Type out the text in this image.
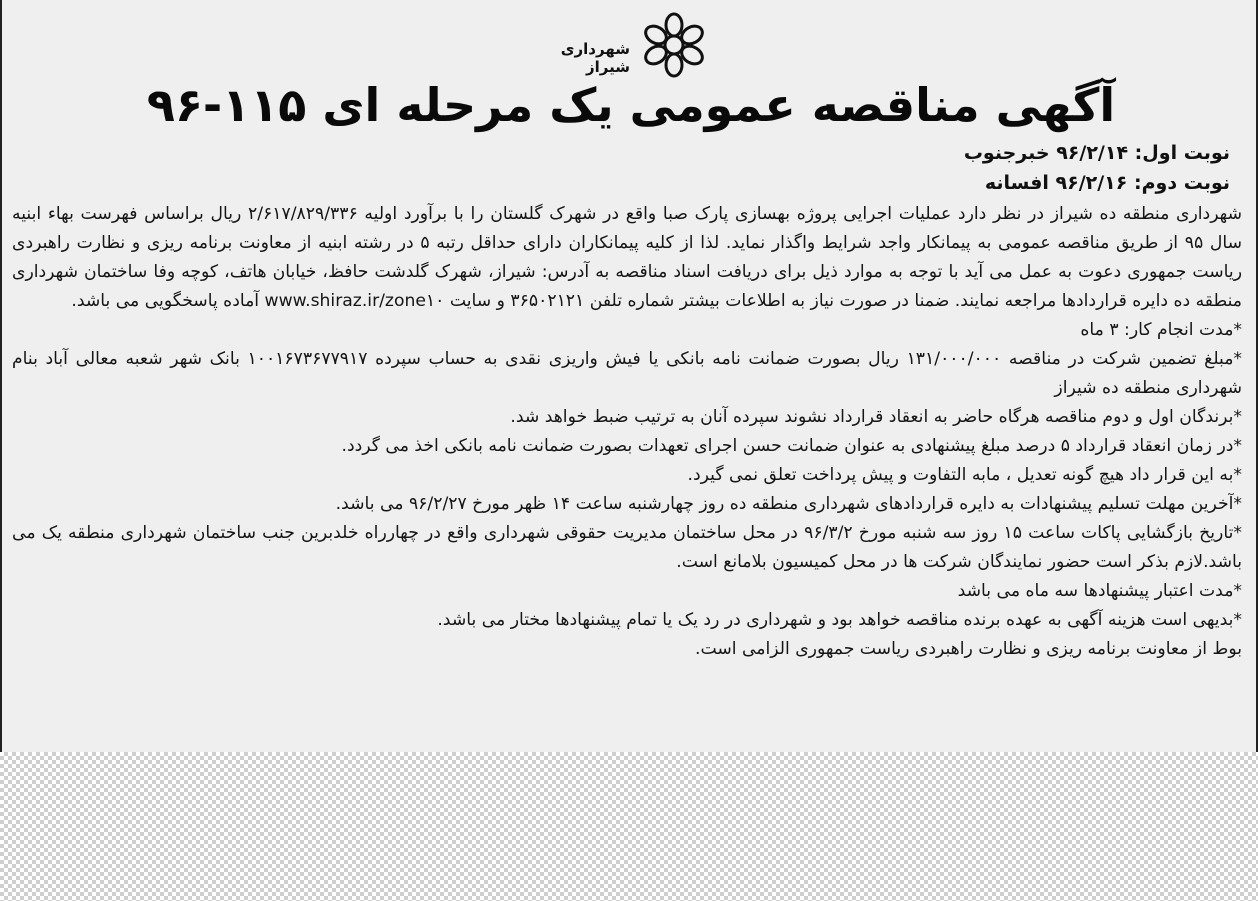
شهرداری شیراز
آگهی مناقصه عمومی یک مرحله ای ۱۱۵-۹۶
نوبت اول: ۹۶/۲/۱۴ خبرجنوب
نوبت دوم: ۹۶/۲/۱۶ افسانه

شهرداری منطقه ده شیراز در نظر دارد عملیات اجرایی پروژه بهسازی پارک صبا واقع در شهرک گلستان را با برآورد اولیه ۲/۶۱۷/۸۲۹/۳۳۶ ریال براساس فهرست بهاء ابنیه سال ۹۵ از طریق مناقصه عمومی به پیمانکار واجد شرایط واگذار نماید. لذا از کلیه پیمانکاران دارای حداقل رتبه ۵ در رشته ابنیه از معاونت برنامه ریزی و نظارت راهبردی ریاست جمهوری دعوت به عمل می آید با توجه به موارد ذیل برای دریافت اسناد مناقصه به آدرس: شیراز، شهرک گلدشت حافظ، خیابان هاتف، کوچه وفا ساختمان شهرداری منطقه ده دایره قراردادها مراجعه نمایند. ضمنا در صورت نیاز به اطلاعات بیشتر شماره تلفن ۳۶۵۰۲۱۲۱ و سایت www.shiraz.ir/zone۱۰ آماده پاسخگویی می باشد.

*مدت انجام کار: ۳ ماه

*مبلغ تضمین شرکت در مناقصه ۱۳۱/۰۰۰/۰۰۰ ریال بصورت ضمانت نامه بانکی یا فیش واریزی نقدی به حساب سپرده ۱۰۰۱۶۷۳۶۷۷۹۱۷ بانک شهر شعبه معالی آباد بنام شهرداری منطقه ده شیراز

*برندگان اول و دوم مناقصه هرگاه حاضر به انعقاد قرارداد نشوند سپرده آنان به ترتیب ضبط خواهد شد.

*در زمان انعقاد قرارداد ۵ درصد مبلغ پیشنهادی به عنوان ضمانت حسن اجرای تعهدات بصورت ضمانت نامه بانکی اخذ می گردد.

*به این قرار داد هیچ گونه تعدیل ، مابه التفاوت و پیش پرداخت تعلق نمی گیرد.

*آخرین مهلت تسلیم پیشنهادات به دایره قراردادهای شهرداری منطقه ده روز چهارشنبه ساعت ۱۴ ظهر مورخ ۹۶/۲/۲۷ می باشد.

*تاریخ بازگشایی پاکات ساعت ۱۵ روز سه شنبه مورخ ۹۶/۳/۲ در محل ساختمان مدیریت حقوقی شهرداری واقع در چهارراه خلدبرین جنب ساختمان شهرداری منطقه یک می باشد.لازم بذکر است حضور نمایندگان شرکت ها در محل کمیسیون بلامانع است.

*مدت اعتبار پیشنهادها سه ماه می باشد

*بدیهی است هزینه آگهی به عهده برنده مناقصه خواهد بود و شهرداری در رد یک یا تمام پیشنهادها مختار می باشد.

بوط از معاونت برنامه ریزی و نظارت راهبردی ریاست جمهوری الزامی است.
